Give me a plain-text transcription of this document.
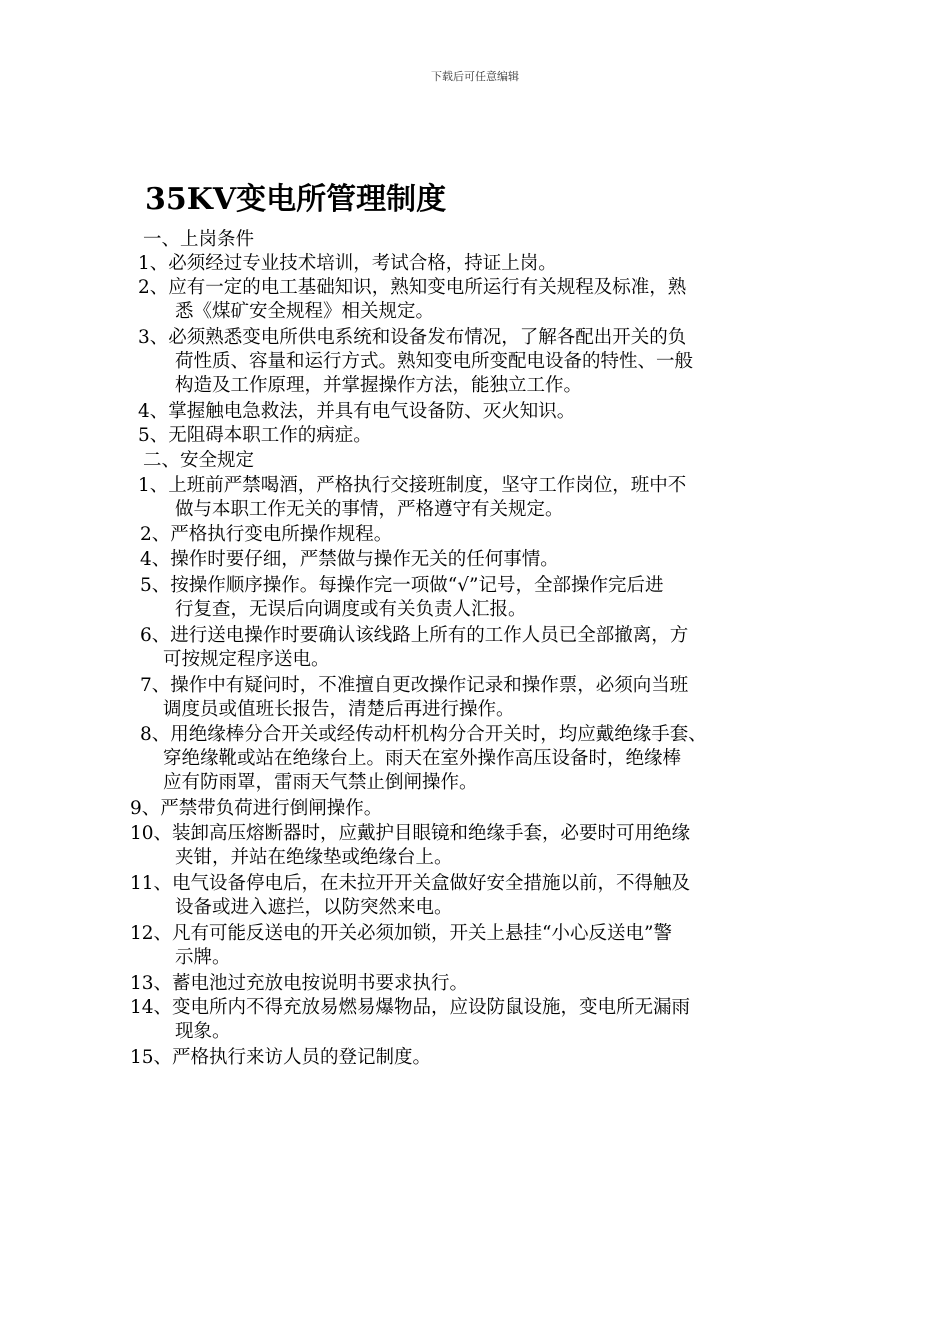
下载后可任意编辑
35KV变电所管理制度
一、上岗条件
1、必须经过专业技术培训，考试合格，持证上岗。
2、应有一定的电工基础知识，熟知变电所运行有关规程及标准，熟
悉《煤矿安全规程》相关规定。
3、必须熟悉变电所供电系统和设备发布情况，了解各配出开关的负
荷性质、容量和运行方式。熟知变电所变配电设备的特性、一般
构造及工作原理，并掌握操作方法，能独立工作。
4、掌握触电急救法，并具有电气设备防、灭火知识。
5、无阻碍本职工作的病症。
二、安全规定
1、上班前严禁喝酒，严格执行交接班制度，坚守工作岗位，班中不
做与本职工作无关的事情，严格遵守有关规定。
2、严格执行变电所操作规程。
4、操作时要仔细，严禁做与操作无关的任何事情。
5、按操作顺序操作。每操作完一项做“√”记号，全部操作完后进
行复查，无误后向调度或有关负责人汇报。
6、进行送电操作时要确认该线路上所有的工作人员已全部撤离，方
可按规定程序送电。
7、操作中有疑问时，不准擅自更改操作记录和操作票，必须向当班
调度员或值班长报告，清楚后再进行操作。
8、用绝缘棒分合开关或经传动杆机构分合开关时，均应戴绝缘手套、
穿绝缘靴或站在绝缘台上。雨天在室外操作高压设备时，绝缘棒
应有防雨罩，雷雨天气禁止倒闸操作。
9、严禁带负荷进行倒闸操作。
10、装卸高压熔断器时，应戴护目眼镜和绝缘手套，必要时可用绝缘
夹钳，并站在绝缘垫或绝缘台上。
11、电气设备停电后，在未拉开开关盒做好安全措施以前，不得触及
设备或进入遮拦，以防突然来电。
12、凡有可能反送电的开关必须加锁，开关上悬挂“小心反送电”警
示牌。
13、蓄电池过充放电按说明书要求执行。
14、变电所内不得充放易燃易爆物品，应设防鼠设施，变电所无漏雨
现象。
15、严格执行来访人员的登记制度。
